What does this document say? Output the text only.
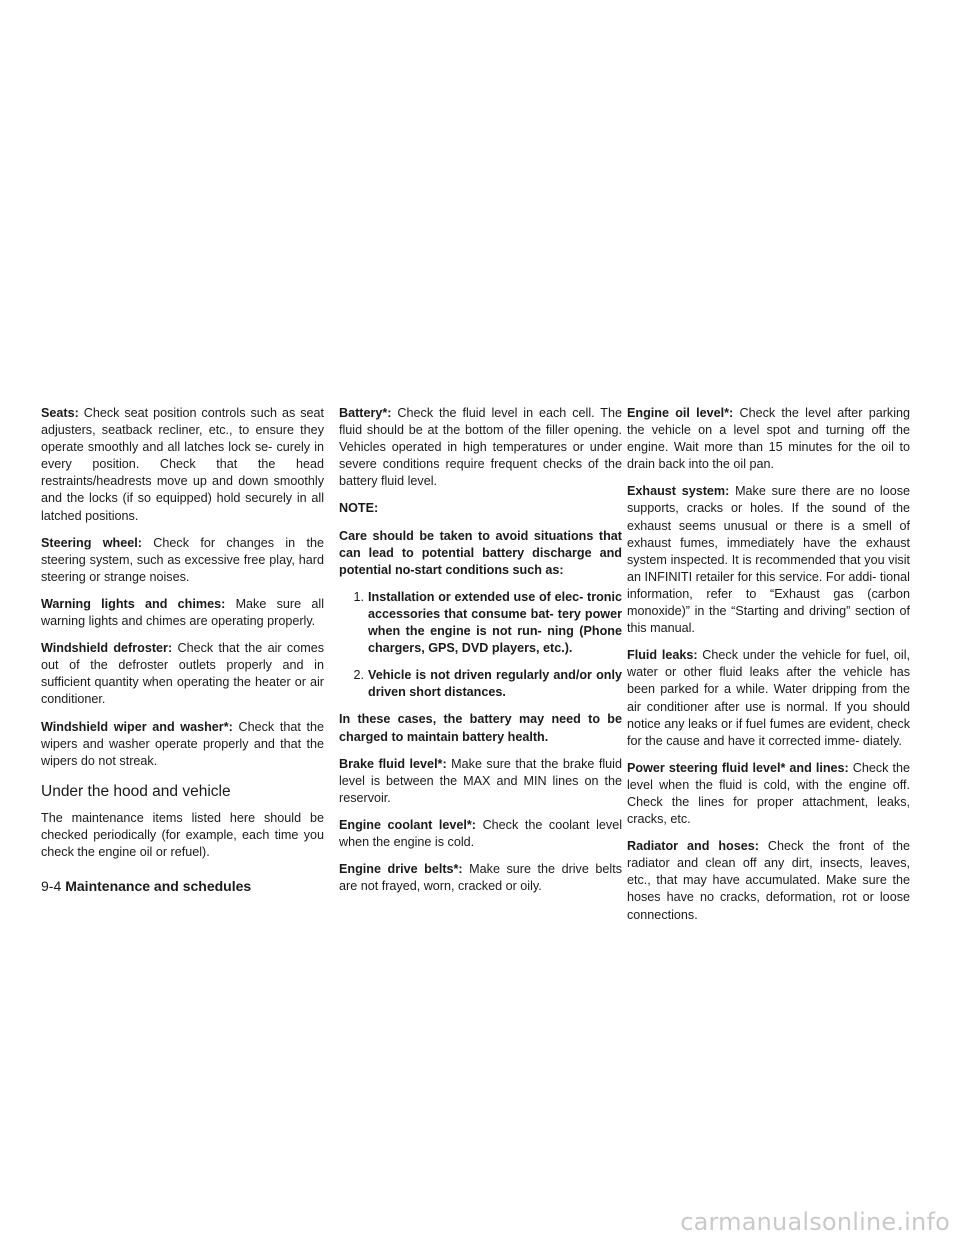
Seats: Check seat position controls such as seat adjusters, seatback recliner, etc., to ensure they operate smoothly and all latches lock se- curely in every position. Check that the head restraints/headrests move up and down smoothly and the locks (if so equipped) hold securely in all latched positions.

Steering wheel: Check for changes in the steering system, such as excessive free play, hard steering or strange noises.

Warning lights and chimes: Make sure all warning lights and chimes are operating properly.

Windshield defroster: Check that the air comes out of the defroster outlets properly and in sufficient quantity when operating the heater or air conditioner.

Windshield wiper and washer*: Check that the wipers and washer operate properly and that the wipers do not streak.

Under the hood and vehicle

The maintenance items listed here should be checked periodically (for example, each time you check the engine oil or refuel).

Battery*: Check the fluid level in each cell. The fluid should be at the bottom of the filler opening. Vehicles operated in high temperatures or under severe conditions require frequent checks of the battery fluid level.

NOTE:

Care should be taken to avoid situations that can lead to potential battery discharge and potential no-start conditions such as:

1. Installation or extended use of elec- tronic accessories that consume bat- tery power when the engine is not run- ning (Phone chargers, GPS, DVD players, etc.).
2. Vehicle is not driven regularly and/or only driven short distances.

In these cases, the battery may need to be charged to maintain battery health.

Brake fluid level*: Make sure that the brake fluid level is between the MAX and MIN lines on the reservoir.

Engine coolant level*: Check the coolant level when the engine is cold.

Engine drive belts*: Make sure the drive belts are not frayed, worn, cracked or oily.

Engine oil level*: Check the level after parking the vehicle on a level spot and turning off the engine. Wait more than 15 minutes for the oil to drain back into the oil pan.

Exhaust system: Make sure there are no loose supports, cracks or holes. If the sound of the exhaust seems unusual or there is a smell of exhaust fumes, immediately have the exhaust system inspected. It is recommended that you visit an INFINITI retailer for this service. For addi- tional information, refer to “Exhaust gas (carbon monoxide)” in the “Starting and driving” section of this manual.

Fluid leaks: Check under the vehicle for fuel, oil, water or other fluid leaks after the vehicle has been parked for a while. Water dripping from the air conditioner after use is normal. If you should notice any leaks or if fuel fumes are evident, check for the cause and have it corrected imme- diately.

Power steering fluid level* and lines: Check the level when the fluid is cold, with the engine off. Check the lines for proper attachment, leaks, cracks, etc.

Radiator and hoses: Check the front of the radiator and clean off any dirt, insects, leaves, etc., that may have accumulated. Make sure the hoses have no cracks, deformation, rot or loose connections.

9-4 Maintenance and schedules
carmanualsonline.info
